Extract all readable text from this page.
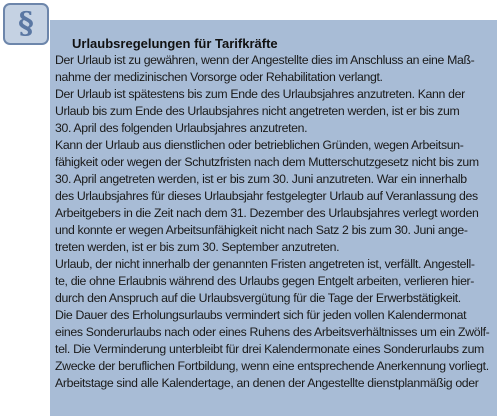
§
Urlaubsregelungen für Tarifkräfte
Der Urlaub ist zu gewähren, wenn der Angestellte dies im Anschluss an eine Maß-
nahme der medizinischen Vorsorge oder Rehabilitation verlangt.
Der Urlaub ist spätestens bis zum Ende des Urlaubsjahres anzutreten. Kann der
Urlaub bis zum Ende des Urlaubsjahres nicht angetreten werden, ist er bis zum
30. April des folgenden Urlaubsjahres anzutreten.
Kann der Urlaub aus dienstlichen oder betrieblichen Gründen, wegen Arbeitsun-
fähigkeit oder wegen der Schutzfristen nach dem Mutterschutzgesetz nicht bis zum
30. April angetreten werden, ist er bis zum 30. Juni anzutreten. War ein innerhalb
des Urlaubsjahres für dieses Urlaubsjahr festgelegter Urlaub auf Veranlassung des
Arbeitgebers in die Zeit nach dem 31. Dezember des Urlaubsjahres verlegt worden
und konnte er wegen Arbeitsunfähigkeit nicht nach Satz 2 bis zum 30. Juni ange-
treten werden, ist er bis zum 30. September anzutreten.
Urlaub, der nicht innerhalb der genannten Fristen angetreten ist, verfällt. Angestell-
te, die ohne Erlaubnis während des Urlaubs gegen Entgelt arbeiten, verlieren hier-
durch den Anspruch auf die Urlaubsvergütung für die Tage der Erwerbstätigkeit.
Die Dauer des Erholungsurlaubs vermindert sich für jeden vollen Kalendermonat
eines Sonderurlaubs nach oder eines Ruhens des Arbeitsverhältnisses um ein Zwölf-
tel. Die Verminderung unterbleibt für drei Kalendermonate eines Sonderurlaubs zum
Zwecke der beruflichen Fortbildung, wenn eine entsprechende Anerkennung vorliegt.
Arbeitstage sind alle Kalendertage, an denen der Angestellte dienstplanmäßig oder
